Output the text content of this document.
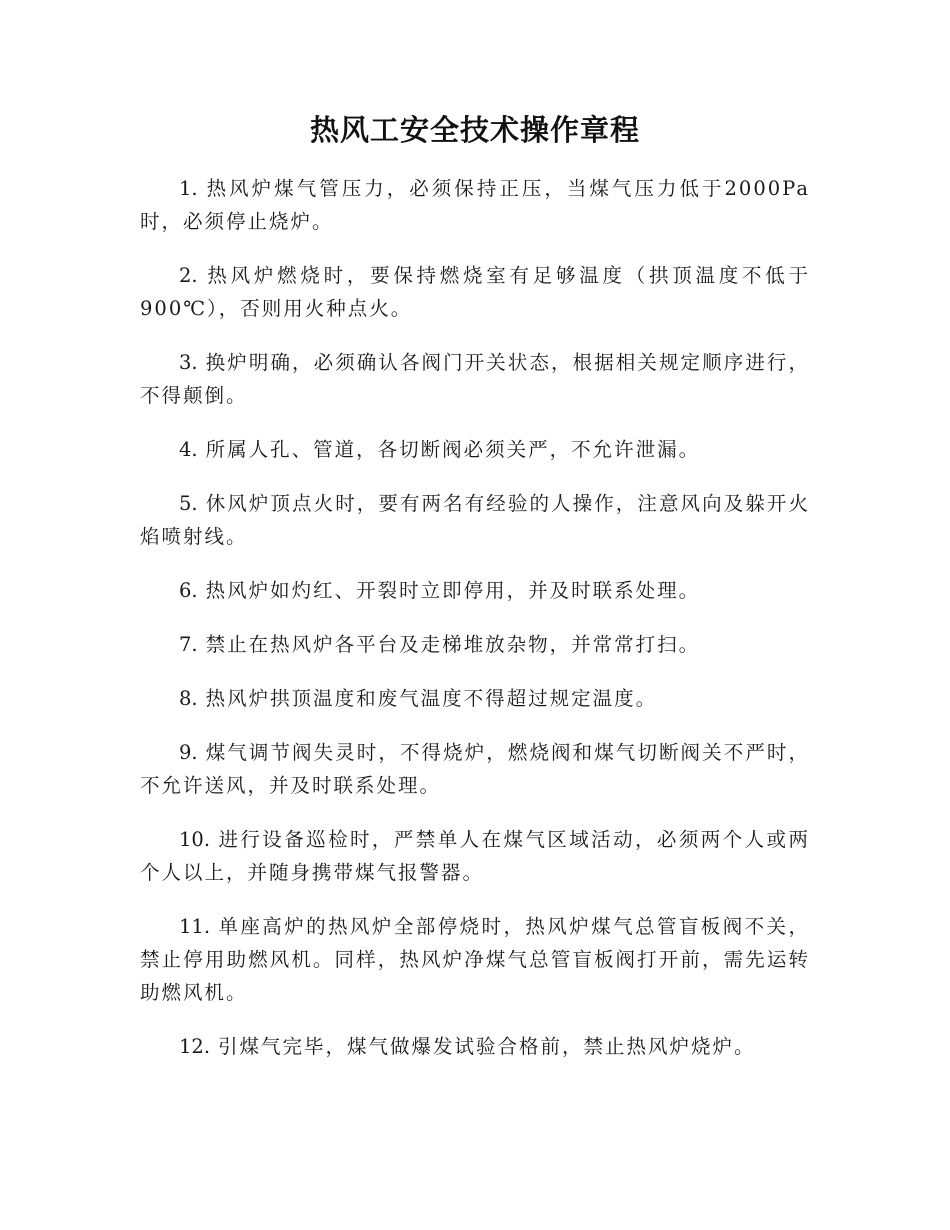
热风工安全技术操作章程
1. 热风炉煤气管压力，必须保持正压，当煤气压力低于2000Pa时，必须停止烧炉。
2. 热风炉燃烧时，要保持燃烧室有足够温度（拱顶温度不低于900℃），否则用火种点火。
3. 换炉明确，必须确认各阀门开关状态，根据相关规定顺序进行，不得颠倒。
4. 所属人孔、管道，各切断阀必须关严，不允许泄漏。
5. 休风炉顶点火时，要有两名有经验的人操作，注意风向及躲开火焰喷射线。
6. 热风炉如灼红、开裂时立即停用，并及时联系处理。
7. 禁止在热风炉各平台及走梯堆放杂物，并常常打扫。
8. 热风炉拱顶温度和废气温度不得超过规定温度。
9. 煤气调节阀失灵时，不得烧炉，燃烧阀和煤气切断阀关不严时，不允许送风，并及时联系处理。
10. 进行设备巡检时，严禁单人在煤气区域活动，必须两个人或两个人以上，并随身携带煤气报警器。
11. 单座高炉的热风炉全部停烧时，热风炉煤气总管盲板阀不关，禁止停用助燃风机。同样，热风炉净煤气总管盲板阀打开前，需先运转助燃风机。
12. 引煤气完毕，煤气做爆发试验合格前，禁止热风炉烧炉。
